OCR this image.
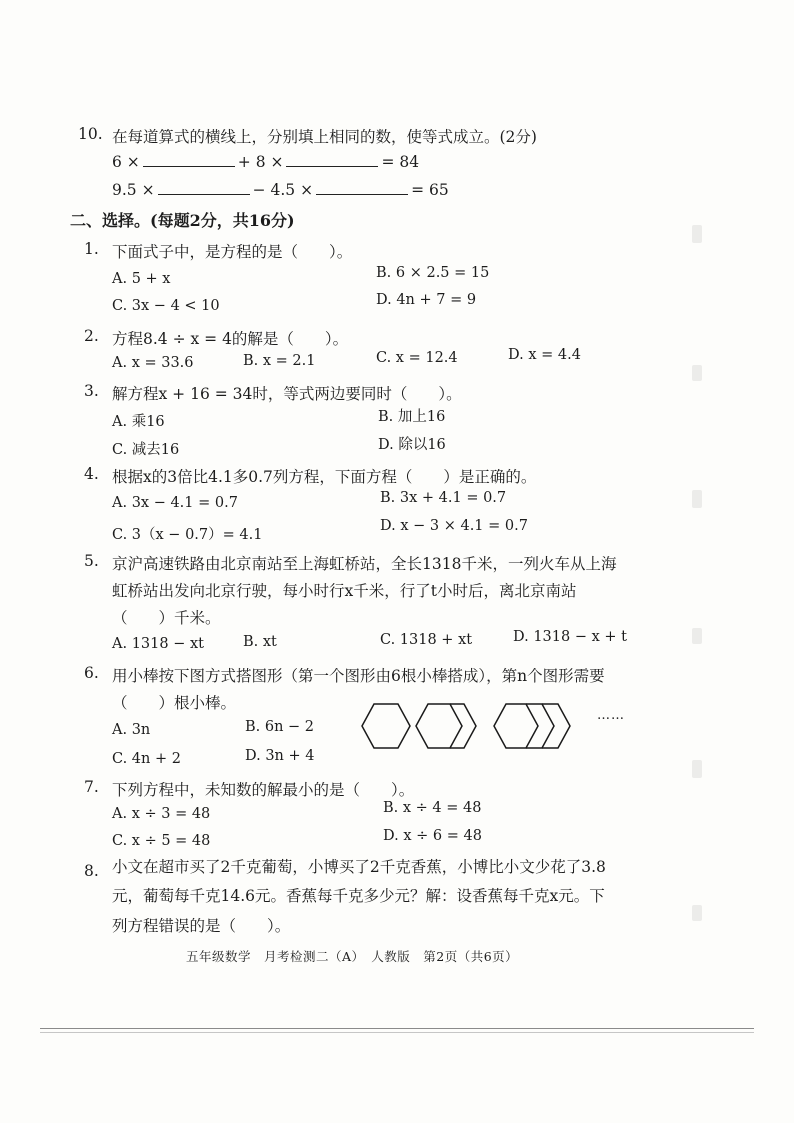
10. 在每道算式的横线上，分别填上相同的数，使等式成立。(2分)
6 ×	+ 8 ×	= 84
9.5 ×	− 4.5 ×	= 65
二、选择。(每题2分，共16分)
1. 下面式子中，是方程的是（　　）。
A. 5 + x	B. 6 × 2.5 = 15
C. 3x − 4 < 10	D. 4n + 7 = 9
2. 方程8.4 ÷ x = 4的解是（　　）。
A. x = 33.6	B. x = 2.1	C. x = 12.4	D. x = 4.4
3. 解方程x + 16 = 34时，等式两边要同时（　　）。
A. 乘16	B. 加上16
C. 减去16	D. 除以16
4. 根据x的3倍比4.1多0.7列方程，下面方程（　　）是正确的。
A. 3x − 4.1 = 0.7	B. 3x + 4.1 = 0.7
C. 3（x − 0.7）= 4.1
D. x − 3 × 4.1 = 0.7
5. 京沪高速铁路由北京南站至上海虹桥站，全长1318千米，一列火车从上海
虹桥站出发向北京行驶，每小时行x千米，行了t小时后，离北京南站
（　　）千米。
A. 1318 − xt	B. xt	C. 1318 + xt	D. 1318 − x + t
6. 用小棒按下图方式搭图形（第一个图形由6根小棒搭成），第n个图形需要
（　　）根小棒。
A. 3n	B. 6n − 2
C. 4n + 2	D. 3n + 4
……
7. 下列方程中，未知数的解最小的是（　　）。
A. x ÷ 3 = 48	B. x ÷ 4 = 48
C. x ÷ 5 = 48	D. x ÷ 6 = 48
8. 小文在超市买了2千克葡萄，小博买了2千克香蕉，小博比小文少花了3.8
元，葡萄每千克14.6元。香蕉每千克多少元？解：设香蕉每千克x元。下
列方程错误的是（　　）。
五年级数学　月考检测二（A）　人教版　第2页（共6页）
